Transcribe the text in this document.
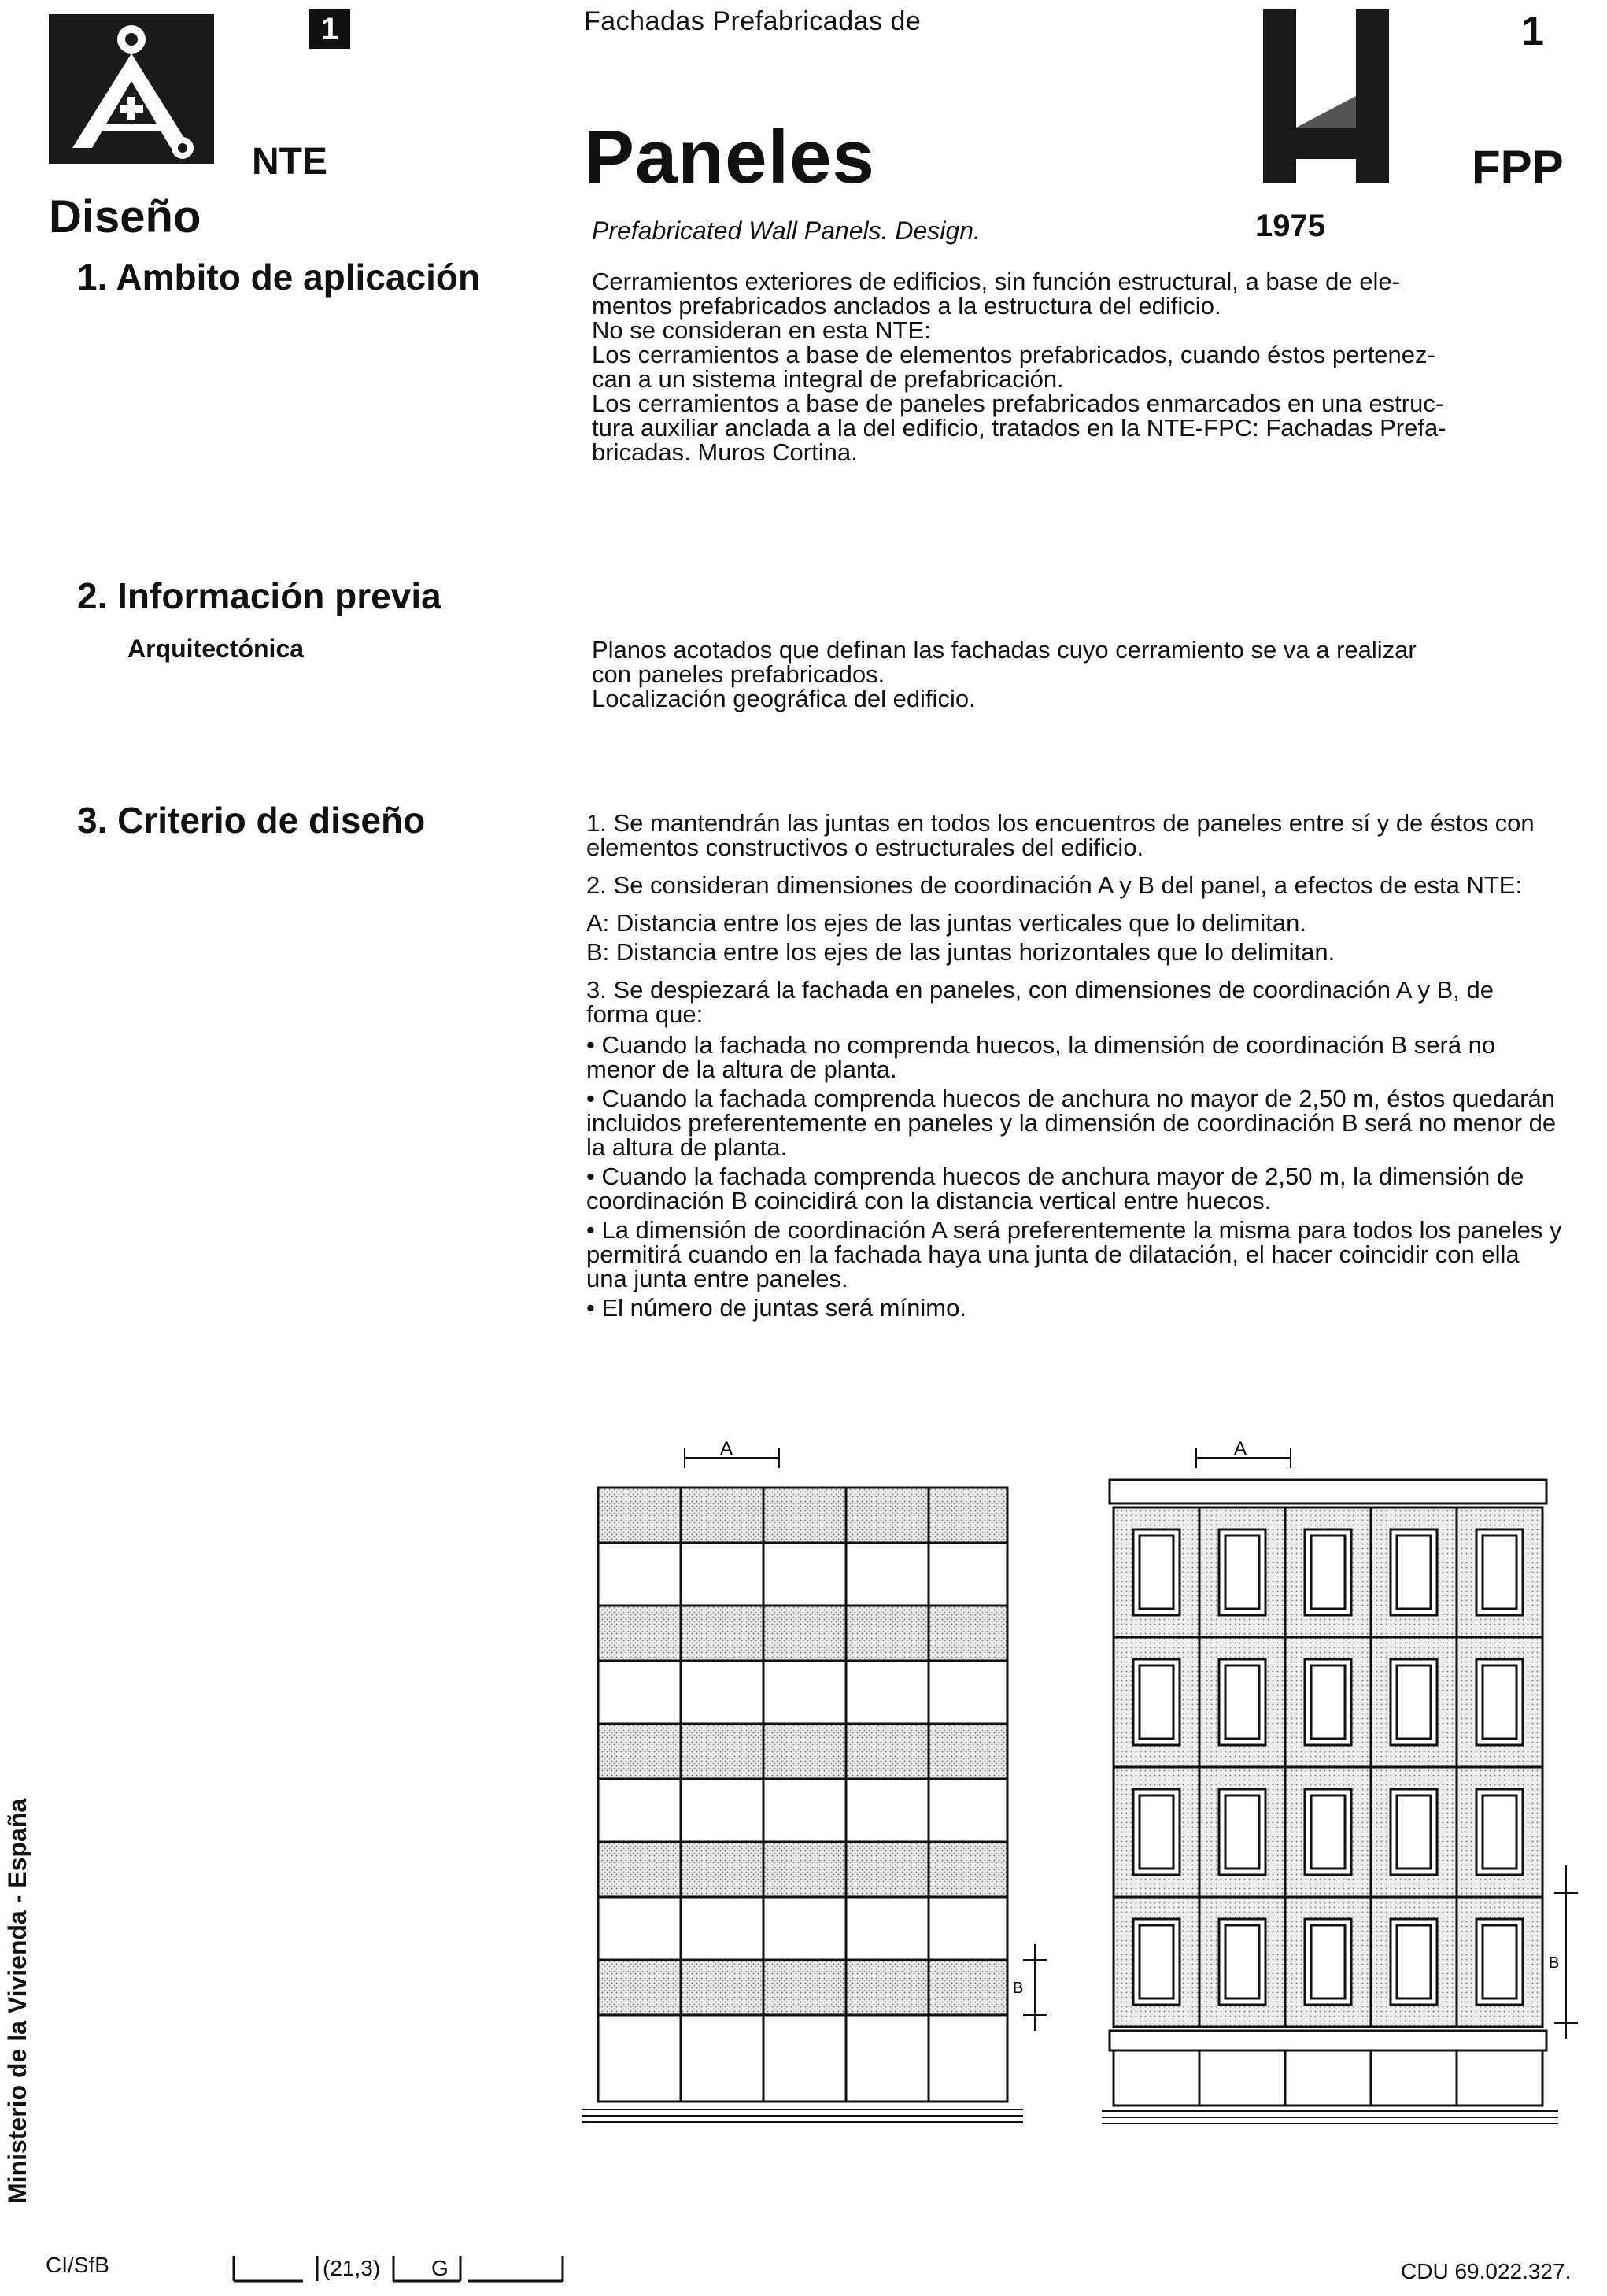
1
NTE
Diseño
Fachadas Prefabricadas de
Paneles
Prefabricated Wall Panels. Design.
1
FPP
1975
1. Ambito de aplicación	Cerramientos exteriores de edificios, sin función estructural, a base de ele-
mentos prefabricados anclados a la estructura del edificio.
No se consideran en esta NTE:
Los cerramientos a base de elementos prefabricados, cuando éstos pertenez-
can a un sistema integral de prefabricación.
Los cerramientos a base de paneles prefabricados enmarcados en una estruc-
tura auxiliar anclada a la del edificio, tratados en la NTE-FPC: Fachadas Prefa-
bricadas. Muros Cortina.
2. Información previa
Arquitectónica	Planos acotados que definan las fachadas cuyo cerramiento se va a realizar
con paneles prefabricados.
Localización geográfica del edificio.
3. Criterio de diseño	1. Se mantendrán las juntas en todos los encuentros de paneles entre sí y de éstos con elementos constructivos o estructurales del edificio.

2. Se consideran dimensiones de coordinación A y B del panel, a efectos de esta NTE:

A: Distancia entre los ejes de las juntas verticales que lo delimitan.

B: Distancia entre los ejes de las juntas horizontales que lo delimitan.

3. Se despiezará la fachada en paneles, con dimensiones de coordinación A y B, de forma que:

• Cuando la fachada no comprenda huecos, la dimensión de coordinación B será no menor de la altura de planta.

• Cuando la fachada comprenda huecos de anchura no mayor de 2,50 m, éstos quedarán incluidos preferentemente en paneles y la dimensión de coordinación B será no menor de la altura de planta.

• Cuando la fachada comprenda huecos de anchura mayor de 2,50 m, la dimensión de coordinación B coincidirá con la distancia vertical entre huecos.

• La dimensión de coordinación A será preferentemente la misma para todos los paneles y permitirá cuando en la fachada haya una junta de dilatación, el hacer coincidir con ella una junta entre paneles.

• El número de juntas será mínimo.

A
B
A
B
Ministerio de la Vivienda - España
CI/SfB	(21,3) G	CDU 69.022.327.
